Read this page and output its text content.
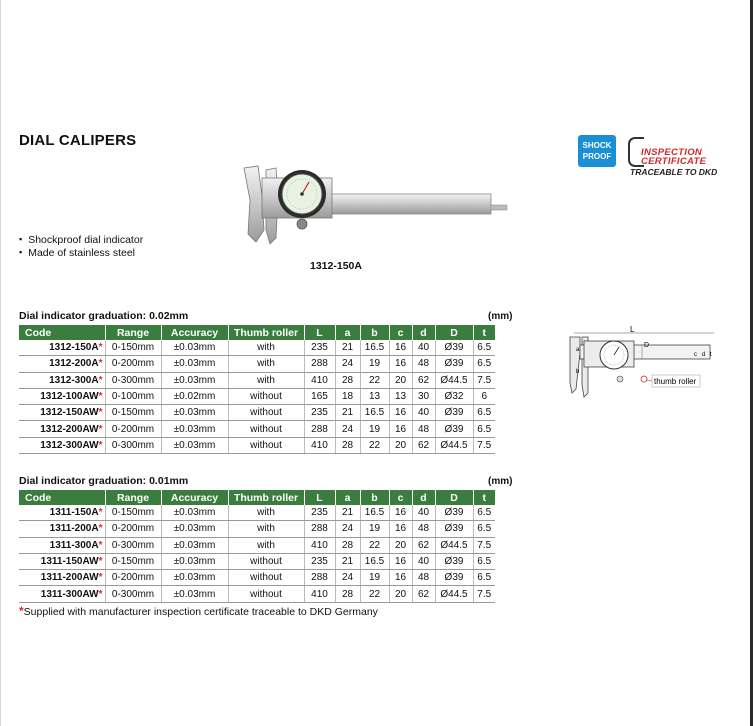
DIAL CALIPERS
▪ Shockproof dial indicator
▪ Made of stainless steel
1312-150A
SHOCK
PROOF	INSPECTION
CERTIFICATE
TRACEABLE TO DKD
Dial indicator graduation: 0.02mm	(mm)
Code	Range	Accuracy	Thumb roller	L	a	b	c	d	D	t
1312-150A*	0-150mm	±0.03mm	with	235	21	16.5	16	40	Ø39	6.5
1312-200A*	0-200mm	±0.03mm	with	288	24	19	16	48	Ø39	6.5
1312-300A*	0-300mm	±0.03mm	with	410	28	22	20	62	Ø44.5	7.5
1312-100AW*	0-100mm	±0.02mm	without	165	18	13	13	30	Ø32	6
1312-150AW*	0-150mm	±0.03mm	without	235	21	16.5	16	40	Ø39	6.5
1312-200AW*	0-200mm	±0.03mm	without	288	24	19	16	48	Ø39	6.5
1312-300AW*	0-300mm	±0.03mm	without	410	28	22	20	62	Ø44.5	7.5
Dial indicator graduation: 0.01mm	(mm)
Code	Range	Accuracy	Thumb roller	L	a	b	c	d	D	t
1311-150A*	0-150mm	±0.03mm	with	235	21	16.5	16	40	Ø39	6.5
1311-200A*	0-200mm	±0.03mm	with	288	24	19	16	48	Ø39	6.5
1311-300A*	0-300mm	±0.03mm	with	410	28	22	20	62	Ø44.5	7.5
1311-150AW*	0-150mm	±0.03mm	without	235	21	16.5	16	40	Ø39	6.5
1311-200AW*	0-200mm	±0.03mm	without	288	24	19	16	48	Ø39	6.5
1311-300AW*	0-300mm	±0.03mm	without	410	28	22	20	62	Ø44.5	7.5
*Supplied with manufacturer inspection certificate traceable to DKD Germany
L
D
a
b
c d t
thumb roller
